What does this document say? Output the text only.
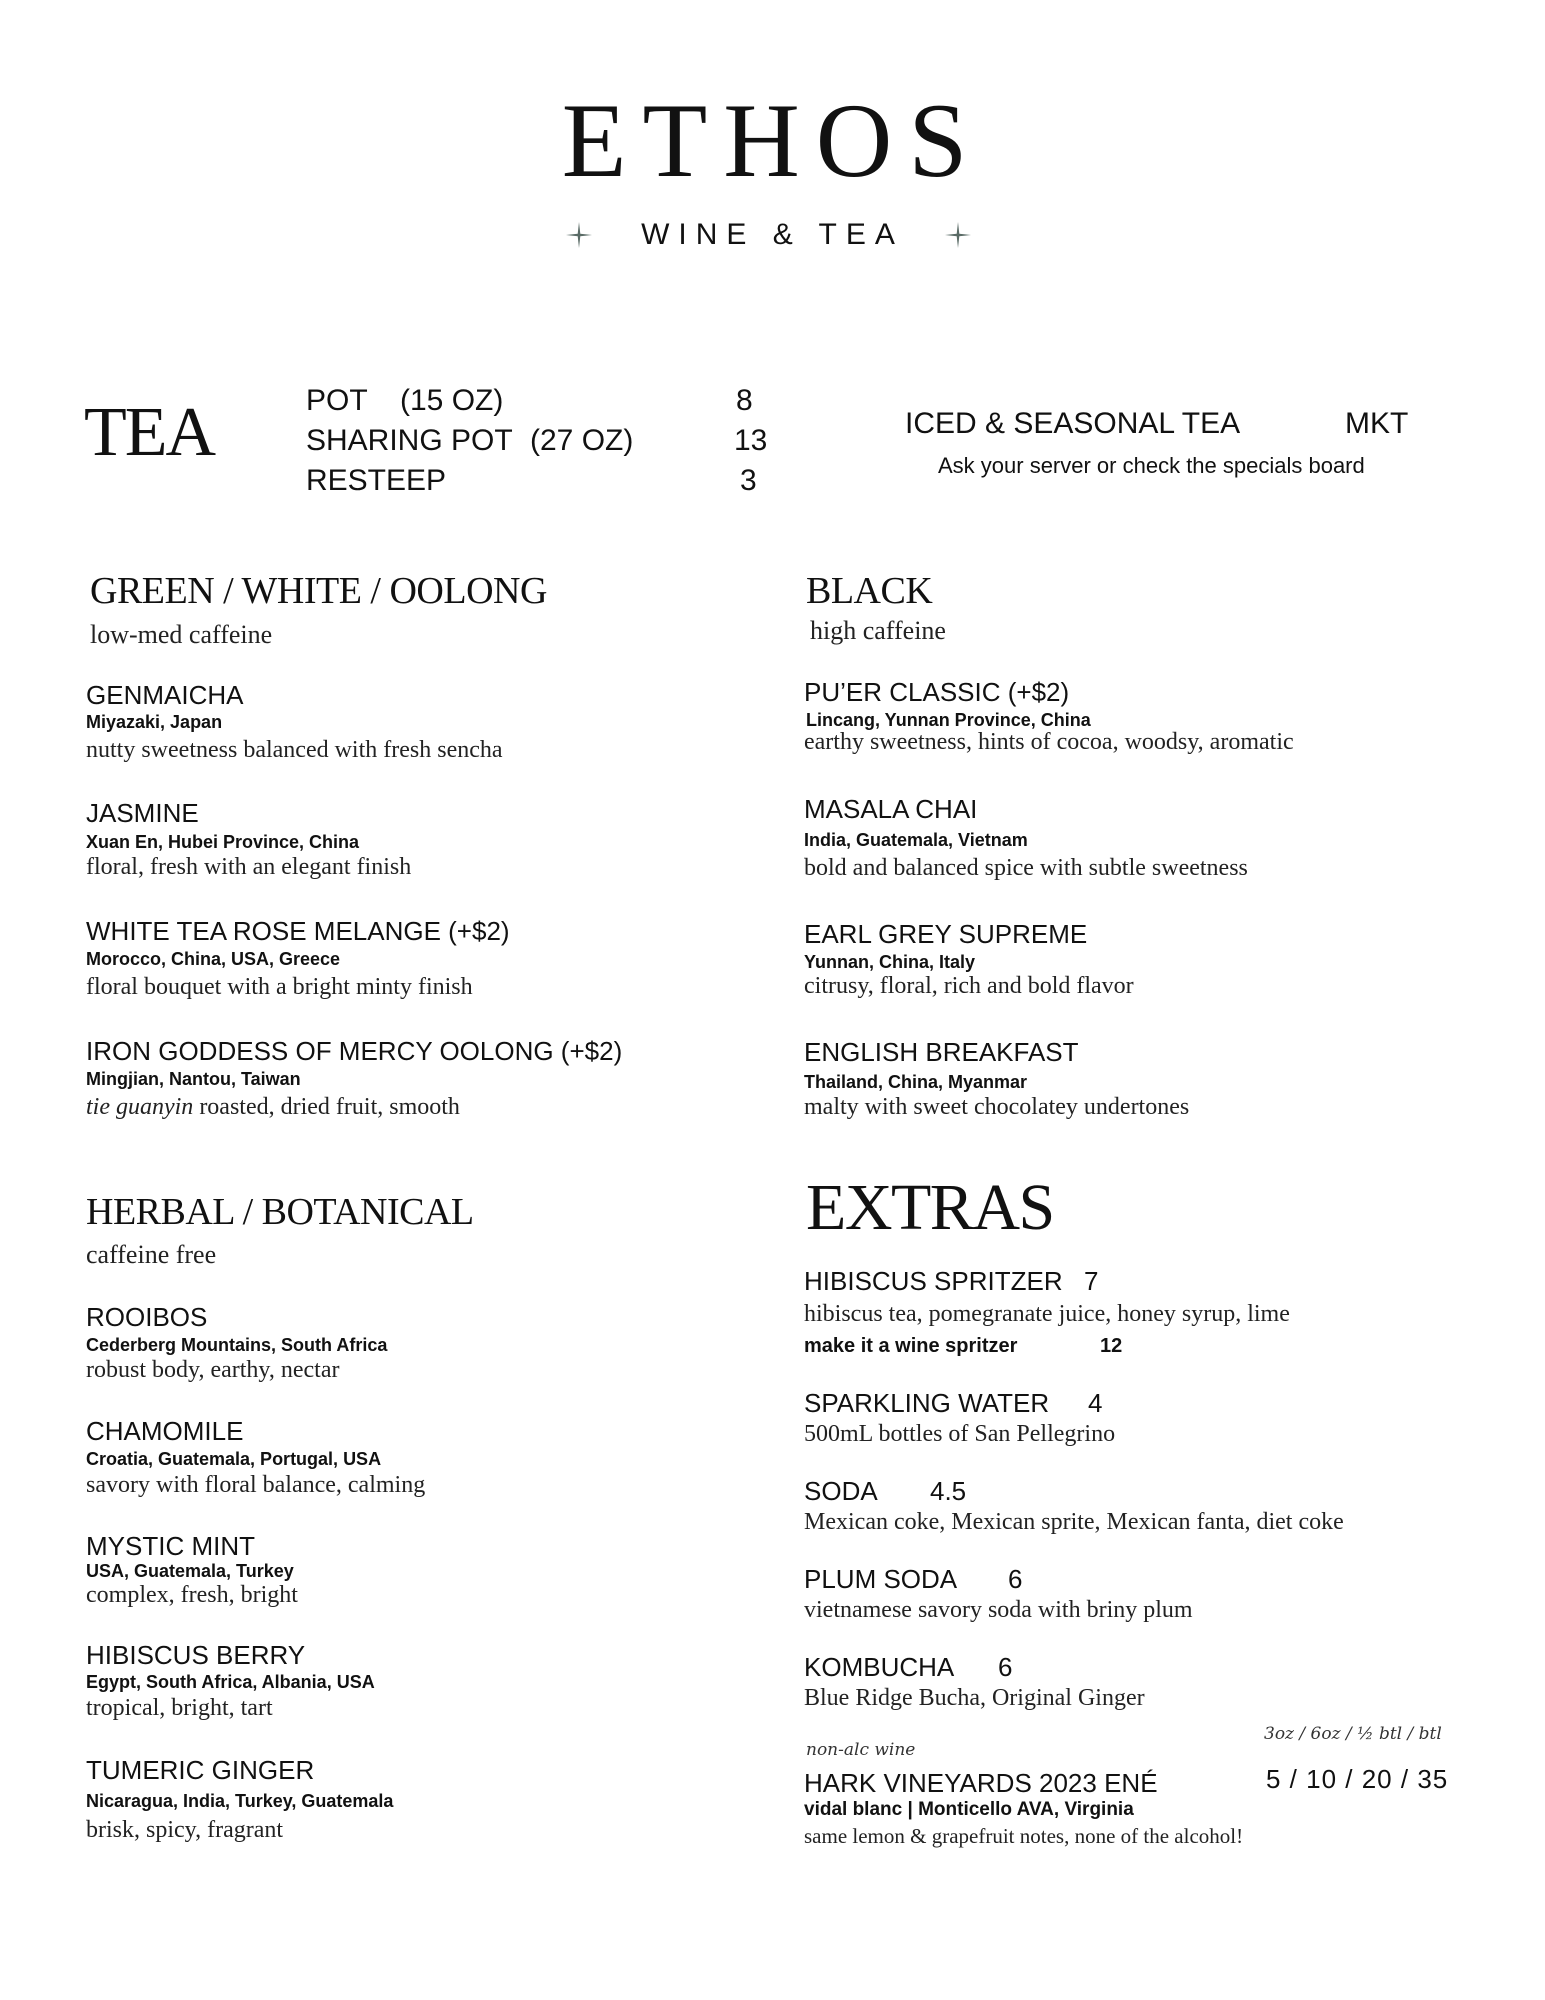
ETHOS
WINE & TEA
TEA	POT (15 OZ)	8
SHARING POT (27 OZ)	13
RESTEEP	3
ICED & SEASONAL TEA	MKT
Ask your server or check the specials board
GREEN / WHITE / OOLONG
low-med caffeine
GENMAICHA
Miyazaki, Japan
nutty sweetness balanced with fresh sencha
JASMINE
Xuan En, Hubei Province, China
floral, fresh with an elegant finish
WHITE TEA ROSE MELANGE (+$2)
Morocco, China, USA, Greece
floral bouquet with a bright minty finish
IRON GODDESS OF MERCY OOLONG (+$2)
Mingjian, Nantou, Taiwan
tie guanyin roasted, dried fruit, smooth
HERBAL / BOTANICAL
caffeine free
ROOIBOS
Cederberg Mountains, South Africa
robust body, earthy, nectar
CHAMOMILE
Croatia, Guatemala, Portugal, USA
savory with floral balance, calming
MYSTIC MINT
USA, Guatemala, Turkey
complex, fresh, bright
HIBISCUS BERRY
Egypt, South Africa, Albania, USA
tropical, bright, tart
TUMERIC GINGER
Nicaragua, India, Turkey, Guatemala
brisk, spicy, fragrant
BLACK
high caffeine
PU’ER CLASSIC (+$2)
Lincang, Yunnan Province, China
earthy sweetness, hints of cocoa, woodsy, aromatic
MASALA CHAI
India, Guatemala, Vietnam
bold and balanced spice with subtle sweetness
EARL GREY SUPREME
Yunnan, China, Italy
citrusy, floral, rich and bold flavor
ENGLISH BREAKFAST
Thailand, China, Myanmar
malty with sweet chocolatey undertones
EXTRAS
HIBISCUS SPRITZER 7
hibiscus tea, pomegranate juice, honey syrup, lime
make it a wine spritzer	12
SPARKLING WATER 4
500mL bottles of San Pellegrino
SODA 4.5
Mexican coke, Mexican sprite, Mexican fanta, diet coke
PLUM SODA 6
vietnamese savory soda with briny plum
KOMBUCHA 6
Blue Ridge Bucha, Original Ginger
non-alc wine
3oz / 6oz / ½ btl / btl
HARK VINEYARDS 2023 ENÉ	5 / 10 / 20 / 35
vidal blanc | Monticello AVA, Virginia
same lemon & grapefruit notes, none of the alcohol!
